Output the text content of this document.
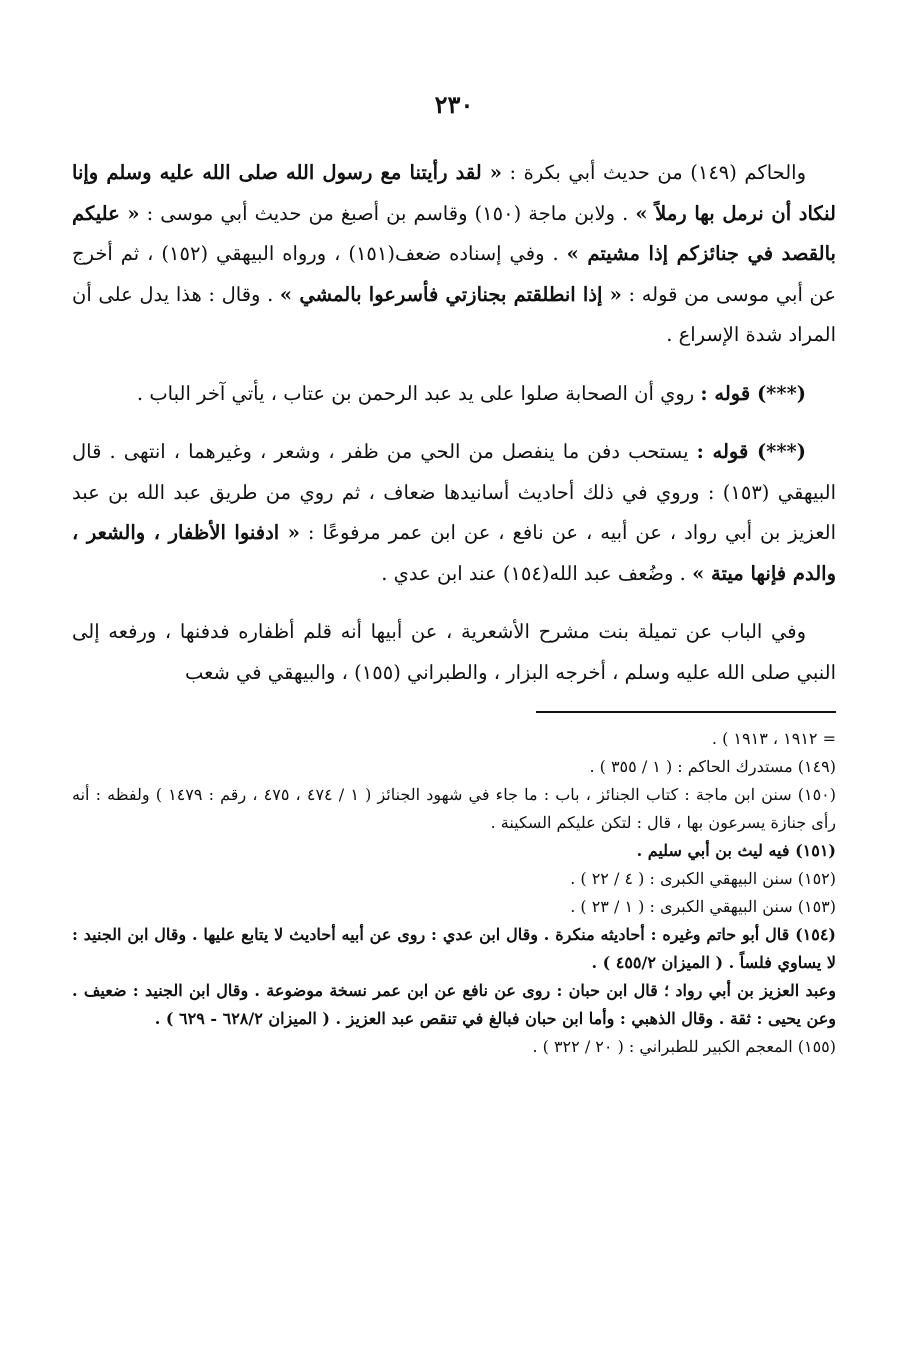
٢٣٠

والحاكم (١٤٩) من حديث أبي بكرة : « لقد رأيتنا مع رسول الله صلى الله عليه وسلم وإنا لنكاد أن نرمل بها رملاً » . ولابن ماجة (١٥٠) وقاسم بن أصبغ من حديث أبي موسى : « عليكم بالقصد في جنائزكم إذا مشيتم » . وفي إسناده ضعف(١٥١) ، ورواه البيهقي (١٥٢) ، ثم أخرج عن أبي موسى من قوله : « إذا انطلقتم بجنازتي فأسرعوا بالمشي » . وقال : هذا يدل على أن المراد شدة الإسراع .

(***) قوله : روي أن الصحابة صلوا على يد عبد الرحمن بن عتاب ، يأتي آخر الباب .

(***) قوله : يستحب دفن ما ينفصل من الحي من ظفر ، وشعر ، وغيرهما ، انتهى . قال البيهقي (١٥٣) : وروي في ذلك أحاديث أسانيدها ضعاف ، ثم روي من طريق عبد الله بن عبد العزيز بن أبي رواد ، عن أبيه ، عن نافع ، عن ابن عمر مرفوعًا : « ادفنوا الأظفار ، والشعر ، والدم فإنها ميتة » . وضُعف عبد الله(١٥٤) عند ابن عدي .

وفي الباب عن تميلة بنت مشرح الأشعرية ، عن أبيها أنه قلم أظفاره فدفنها ، ورفعه إلى النبي صلى الله عليه وسلم ، أخرجه البزار ، والطبراني (١٥٥) ، والبيهقي في شعب

= ١٩١٢ ، ١٩١٣ ) .

(١٤٩) مستدرك الحاكم : ( ١ / ٣٥٥ ) .

(١٥٠) سنن ابن ماجة : كتاب الجنائز ، باب : ما جاء في شهود الجنائز ( ١ / ٤٧٤ ، ٤٧٥ ، رقم : ١٤٧٩ ) ولفظه : أنه رأى جنازة يسرعون بها ، قال : لتكن عليكم السكينة .

(١٥١) فيه ليث بن أبي سليم .

(١٥٢) سنن البيهقي الكبرى : ( ٤ / ٢٢ ) .

(١٥٣) سنن البيهقي الكبرى : ( ١ / ٢٣ ) .

(١٥٤) قال أبو حاتم وغيره : أحاديثه منكرة . وقال ابن عدي : روى عن أبيه أحاديث لا يتابع عليها . وقال ابن الجنيد : لا يساوي فلساً . ( الميزان ٤٥٥/٢ ) .

وعبد العزيز بن أبي رواد ؛ قال ابن حبان : روى عن نافع عن ابن عمر نسخة موضوعة . وقال ابن الجنيد : ضعيف . وعن يحيى : ثقة . وقال الذهبي : وأما ابن حبان فبالغ في تنقص عبد العزيز . ( الميزان ٦٢٨/٢ - ٦٢٩ ) .

(١٥٥) المعجم الكبير للطبراني : ( ٢٠ / ٣٢٢ ) .
